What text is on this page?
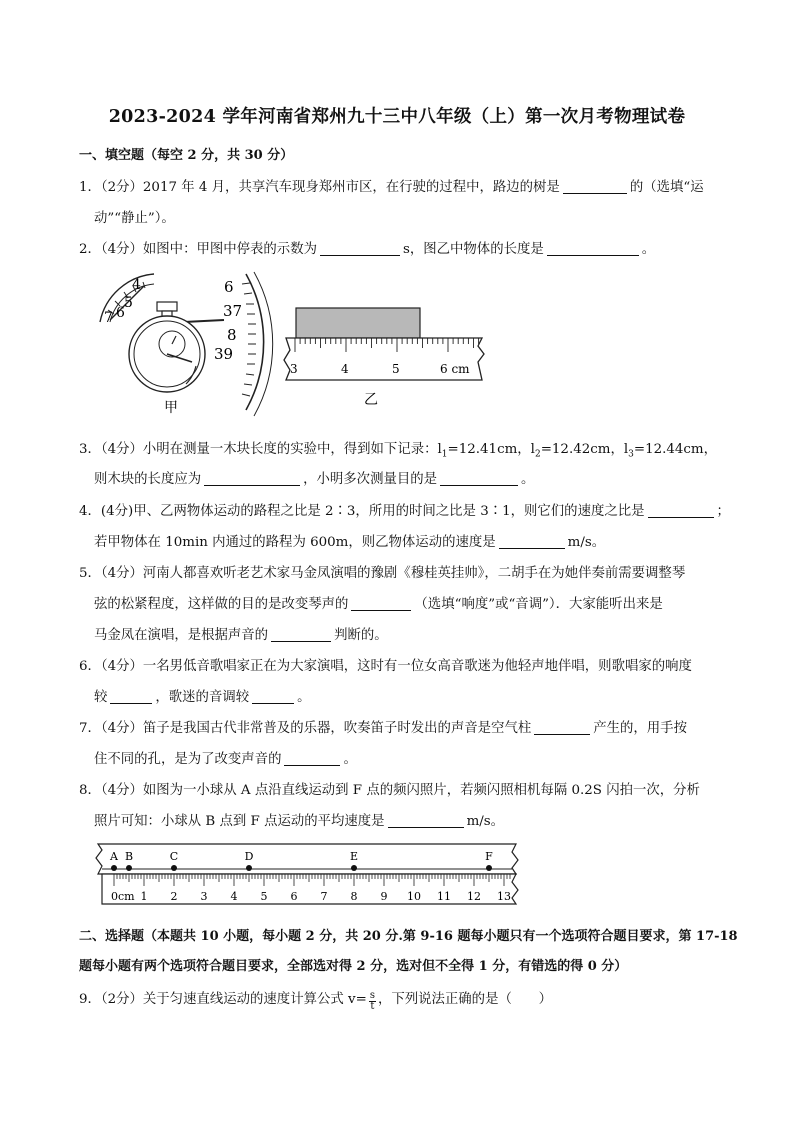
2023-2024 学年河南省郑州九十三中八年级（上）第一次月考物理试卷
一、填空题（每空 2 分，共 30 分）
1．（2分）2017 年 4 月，共享汽车现身郑州市区，在行驶的过程中，路边的树是	的（选填“运
动”“静止”）。
2．（4分）如图中：甲图中停表的示数为	s，图乙中物体的长度是	。
4
5
6
7
6
37
8
39
甲
3	4	5	6 cm
乙
3．（4分）小明在测量一木块长度的实验中，得到如下记录：$l_1=12.41cm$，$l_2=12.42cm$，$l_3=12.44cm$，
则木块的长度应为	，小明多次测量目的是	。
4．(4分)甲、乙两物体运动的路程之比是 2∶3，所用的时间之比是 3∶1，则它们的速度之比是	；
若甲物体在 10min 内通过的路程为 600m，则乙物体运动的速度是	m/s。
5．（4分）河南人都喜欢听老艺术家马金凤演唱的豫剧《穆桂英挂帅》，二胡手在为她伴奏前需要调整琴
弦的松紧程度，这样做的目的是改变琴声的	（选填“响度”或“音调”）．大家能听出来是
马金凤在演唱，是根据声音的	判断的。
6．（4分）一名男低音歌唱家正在为大家演唱，这时有一位女高音歌迷为他轻声地伴唱，则歌唱家的响度
较	，歌迷的音调较	。
7．（4分）笛子是我国古代非常普及的乐器，吹奏笛子时发出的声音是空气柱	产生的，用手按
住不同的孔，是为了改变声音的	。
8．（4分）如图为一小球从 A 点沿直线运动到 F 点的频闪照片，若频闪照相机每隔 0.2S 闪拍一次，分析
照片可知：小球从 B 点到 F 点运动的平均速度是	m/s。
0cm 1 2 3 4 5 6 7 8 9 10 11 12 13
A B	C	D	E	F
二、选择题（本题共 10 小题，每小题 2 分，共 20 分.第 9-16 题每小题只有一个选项符合题目要求，第 17-18
题每小题有两个选项符合题目要求，全部选对得 2 分，选对但不全得 1 分，有错选的得 0 分）
9．（2分）关于匀速直线运动的速度计算公式 $v= \frac{s}{t}$ ，下列说法正确的是（　　）
